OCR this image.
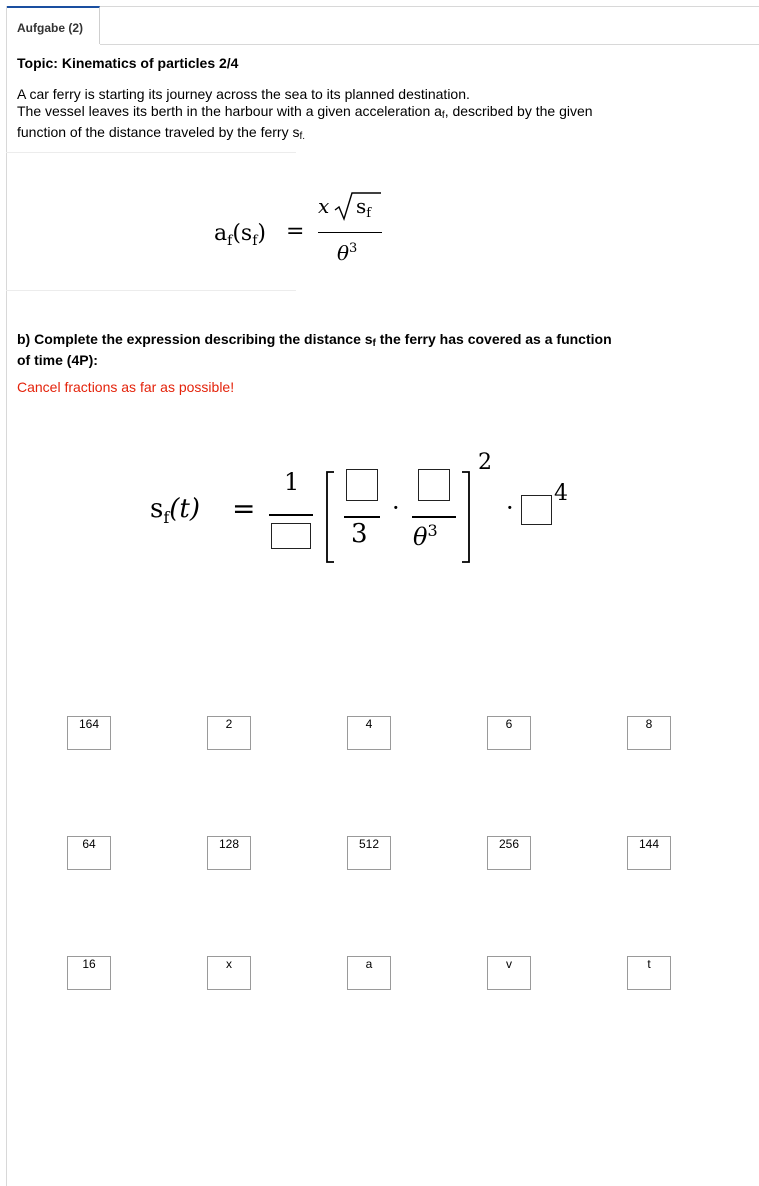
Aufgabe (2)
Topic: Kinematics of particles 2/4
A car ferry is starting its journey across the sea to its planned destination.
The vessel leaves its berth in the harbour with a given acceleration $a_f$, described by the given
function of the distance traveled by the ferry $s_{f.}$
$a_f(s_f)$ =
x $s_f$
$\theta^3$
b) Complete the expression describing the distance $s_f$ the ferry has covered as a function
of time (4P):
Cancel fractions as far as possible!
$s_f(t)$ =
1
3
·
$\theta^3$
2
·
4
164	2	4	6	8
64	128	512	256	144
16	x	a	v	t
